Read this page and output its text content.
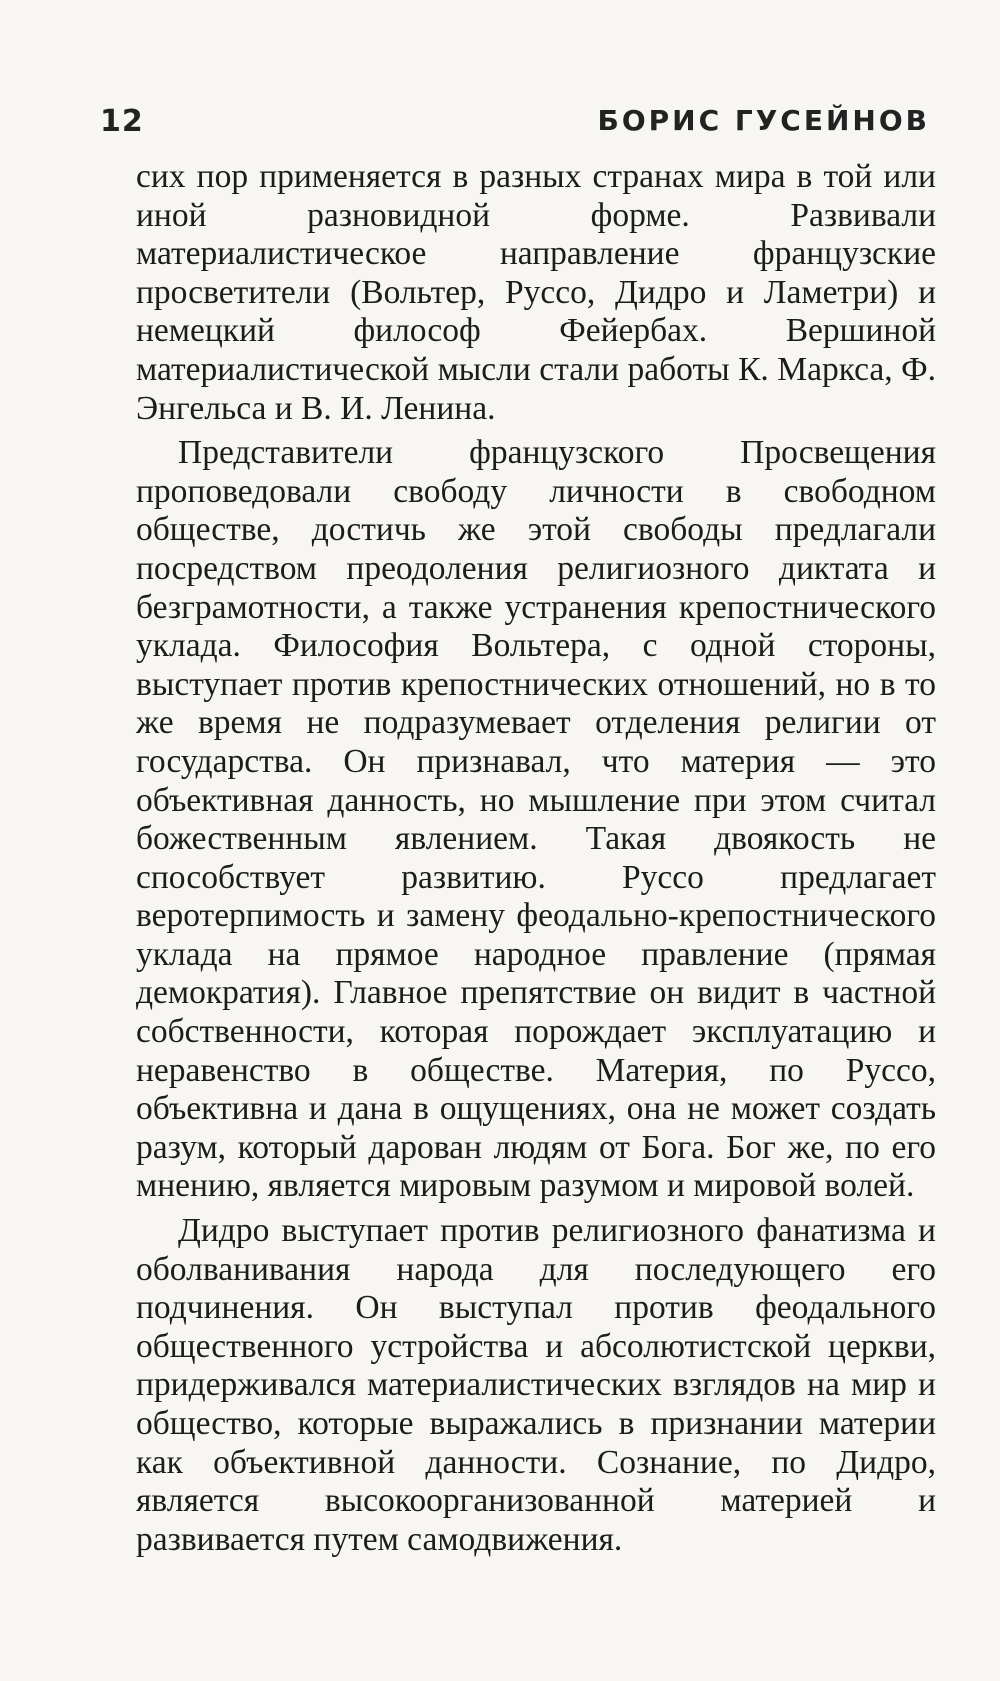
12	БОРИС ГУСЕЙНОВ

сих пор применяется в разных странах мира в той или иной разновидной форме. Развивали материалистическое направление французские просветители (Вольтер, Руссо, Дидро и Ламетри) и немецкий философ Фейербах. Вершиной материалистической мысли стали работы К. Маркса, Ф. Энгельса и В. И. Ленина.

Представители французского Просвещения проповедовали свободу личности в свободном обществе, достичь же этой свободы предлагали посредством преодоления религиозного диктата и безграмотности, а также устранения крепостнического уклада. Философия Вольтера, с одной стороны, выступает против крепостнических отношений, но в то же время не подразумевает отделения религии от государства. Он признавал, что материя — это объективная данность, но мышление при этом считал божественным явлением. Такая двоякость не способствует развитию. Руссо предлагает веротерпимость и замену феодально-крепостнического уклада на прямое народное правление (прямая демократия). Главное препятствие он видит в частной собственности, которая порождает эксплуатацию и неравенство в обществе. Материя, по Руссо, объективна и дана в ощущениях, она не может создать разум, который дарован людям от Бога. Бог же, по его мнению, является мировым разумом и мировой волей.

Дидро выступает против религиозного фанатизма и оболванивания народа для последующего его подчинения. Он выступал против феодального общественного устройства и абсолютистской церкви, придерживался материалистических взглядов на мир и общество, которые выражались в признании материи как объективной данности. Сознание, по Дидро, является высокоорганизованной материей и развивается путем самодвижения.
